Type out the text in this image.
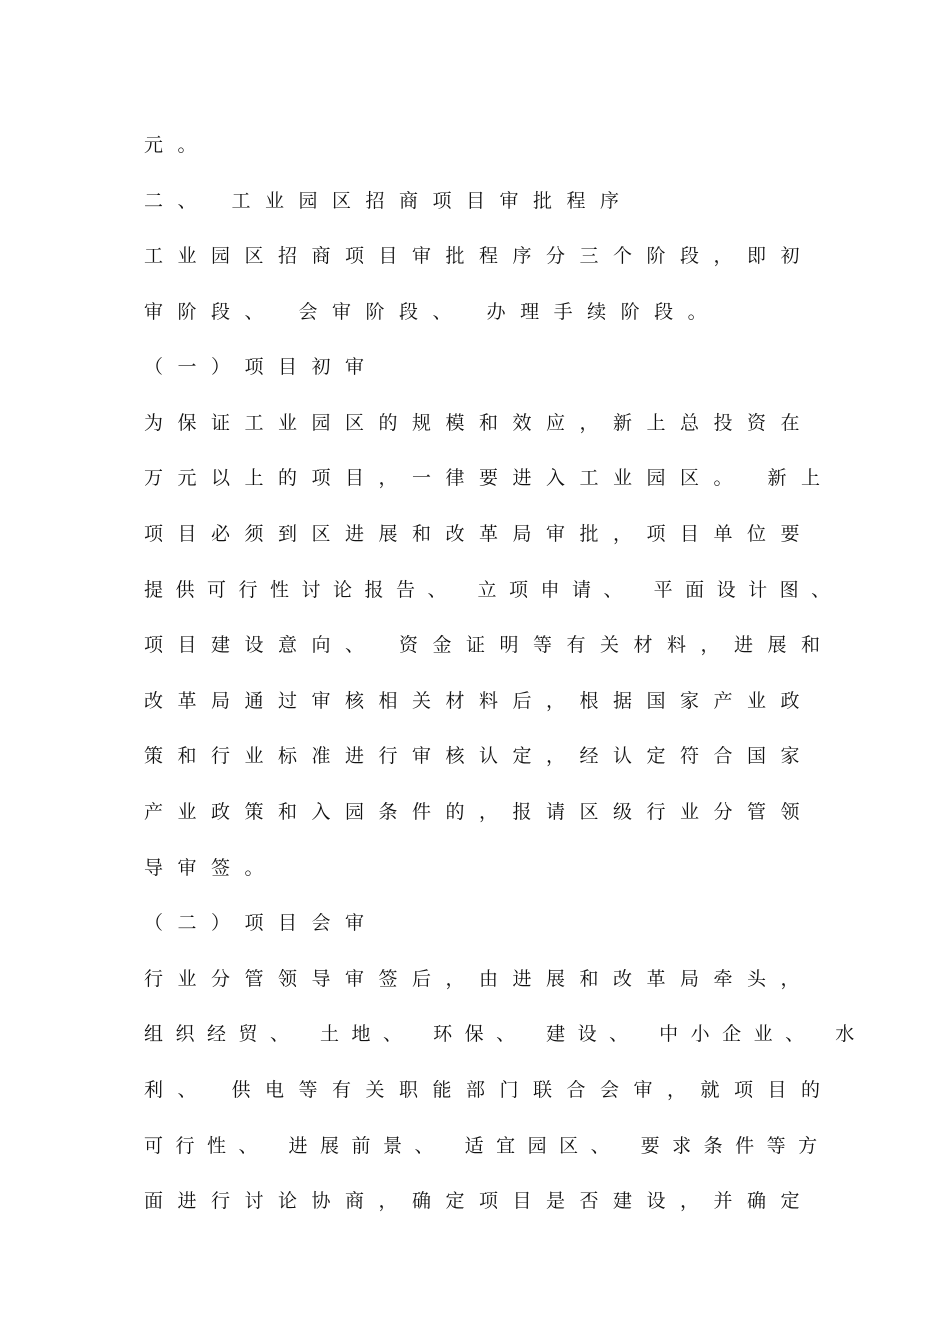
元。
二、 工业园区招商项目审批程序
工业园区招商项目审批程序分三个阶段，即初
审阶段、 会审阶段、 办理手续阶段。
（一）项目初审
为保证工业园区的规模和效应，新上总投资在
万元以上的项目，一律要进入工业园区。 新上
项目必须到区进展和改革局审批，项目单位要
提供可行性讨论报告、 立项申请、 平面设计图、
项目建设意向、 资金证明等有关材料，进展和
改革局通过审核相关材料后，根据国家产业政
策和行业标准进行审核认定，经认定符合国家
产业政策和入园条件的，报请区级行业分管领
导审签。
（二）项目会审
行业分管领导审签后，由进展和改革局牵头，
组织经贸、 土地、 环保、 建设、 中小企业、 水
利、 供电等有关职能部门联合会审，就项目的
可行性、 进展前景、 适宜园区、 要求条件等方
面进行讨论协商，确定项目是否建设，并确定
